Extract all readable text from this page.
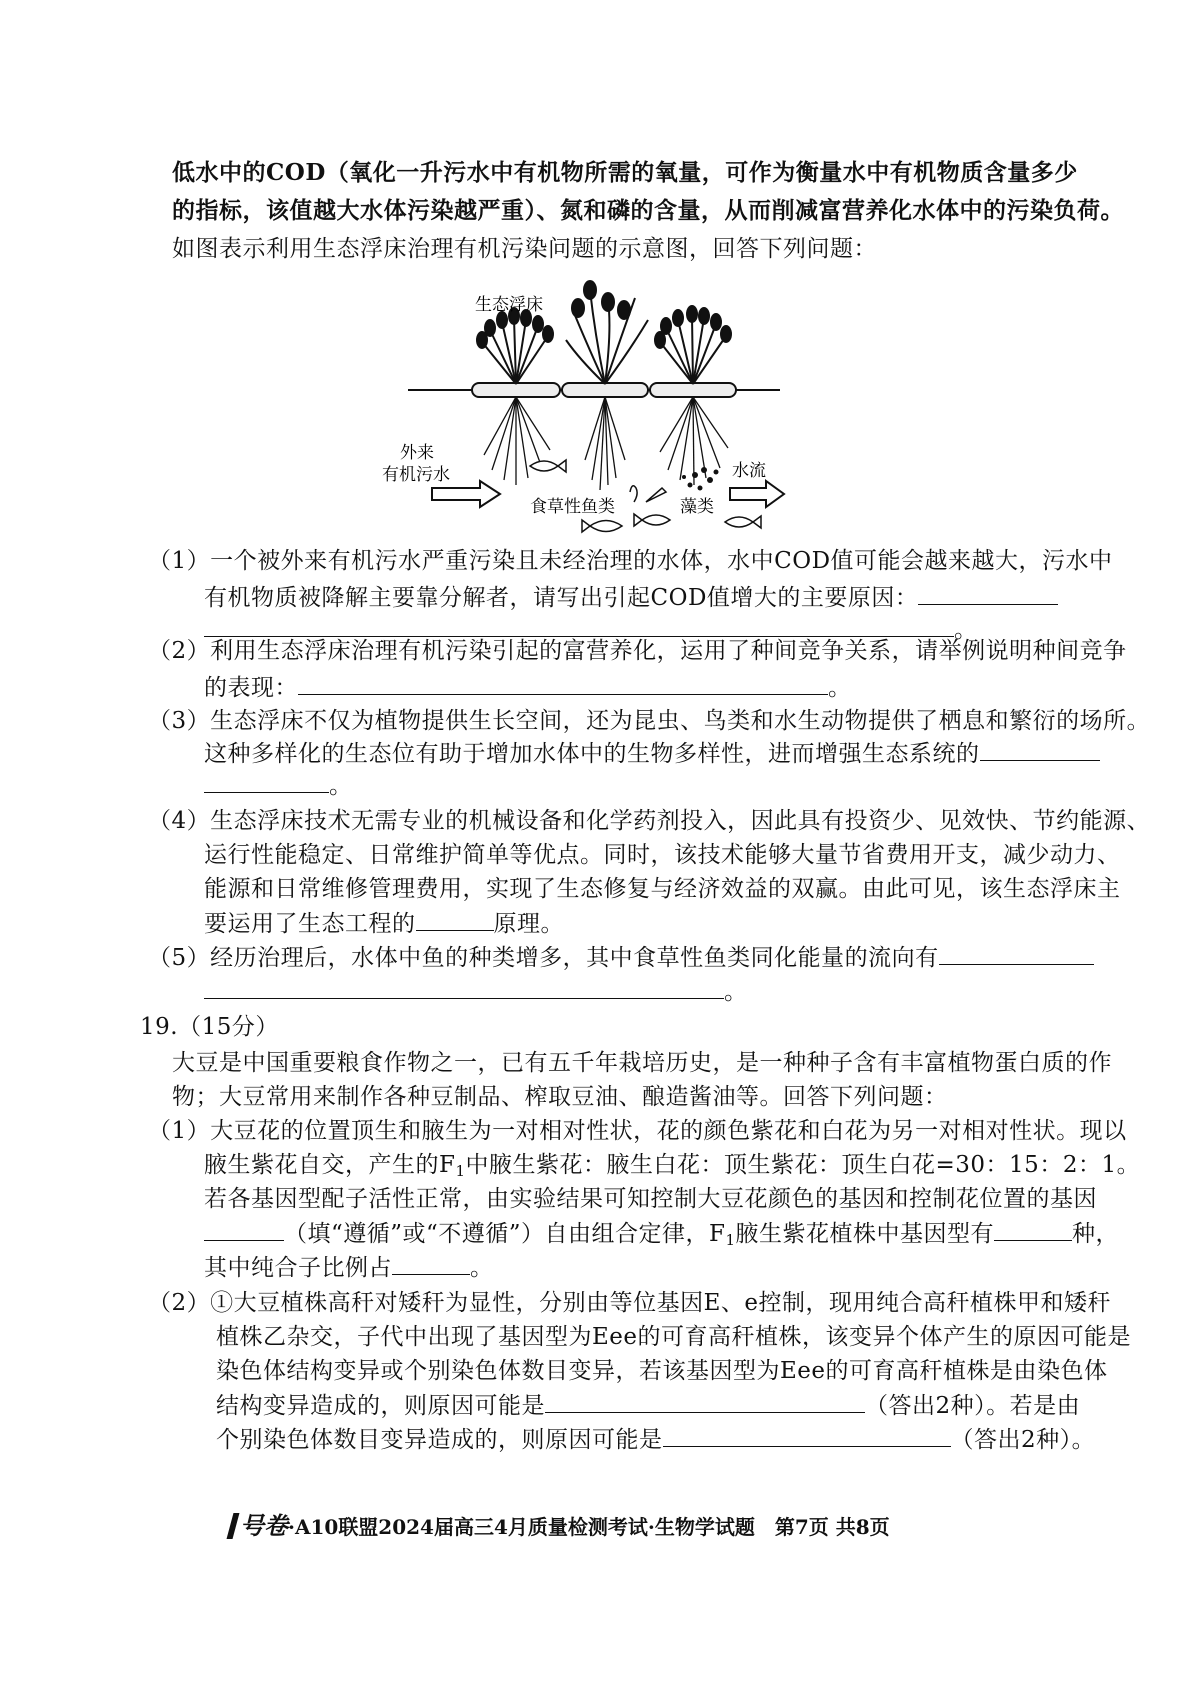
低水中的COD（氧化一升污水中有机物所需的氧量，可作为衡量水中有机物质含量多少
的指标，该值越大水体污染越严重）、氮和磷的含量，从而削减富营养化水体中的污染负荷。
如图表示利用生态浮床治理有机污染问题的示意图，回答下列问题：
生态浮床
外来
有机污水
食草性鱼类	藻类
水流
（1）一个被外来有机污水严重污染且未经治理的水体，水中COD值可能会越来越大，污水中
有机物质被降解主要靠分解者，请写出引起COD值增大的主要原因：
。
（2）利用生态浮床治理有机污染引起的富营养化，运用了种间竞争关系，请举例说明种间竞争
的表现：	。
（3）生态浮床不仅为植物提供生长空间，还为昆虫、鸟类和水生动物提供了栖息和繁衍的场所。
这种多样化的生态位有助于增加水体中的生物多样性，进而增强生态系统的
。
（4）生态浮床技术无需专业的机械设备和化学药剂投入，因此具有投资少、见效快、节约能源、
运行性能稳定、日常维护简单等优点。同时，该技术能够大量节省费用开支，减少动力、
能源和日常维修管理费用，实现了生态修复与经济效益的双赢。由此可见，该生态浮床主
要运用了生态工程的	原理。
（5）经历治理后，水体中鱼的种类增多，其中食草性鱼类同化能量的流向有
。
19.（15分）
大豆是中国重要粮食作物之一，已有五千年栽培历史，是一种种子含有丰富植物蛋白质的作
物；大豆常用来制作各种豆制品、榨取豆油、酿造酱油等。回答下列问题：
（1）大豆花的位置顶生和腋生为一对相对性状，花的颜色紫花和白花为另一对相对性状。现以
腋生紫花自交，产生的$F_1$中腋生紫花：腋生白花：顶生紫花：顶生白花=30：15：2：1。
若各基因型配子活性正常，由实验结果可知控制大豆花颜色的基因和控制花位置的基因
（填“遵循”或“不遵循”）自由组合定律，$F_1$腋生紫花植株中基因型有	种，
其中纯合子比例占	。
（2）①大豆植株高秆对矮秆为显性，分别由等位基因E、e控制，现用纯合高秆植株甲和矮秆
植株乙杂交，子代中出现了基因型为Eee的可育高秆植株，该变异个体产生的原因可能是
染色体结构变异或个别染色体数目变异，若该基因型为Eee的可育高秆植株是由染色体
结构变异造成的，则原因可能是	（答出2种）。若是由
个别染色体数目变异造成的，则原因可能是	（答出2种）。
号卷·A10联盟2024届高三4月质量检测考试·生物学试题　第7页 共8页
